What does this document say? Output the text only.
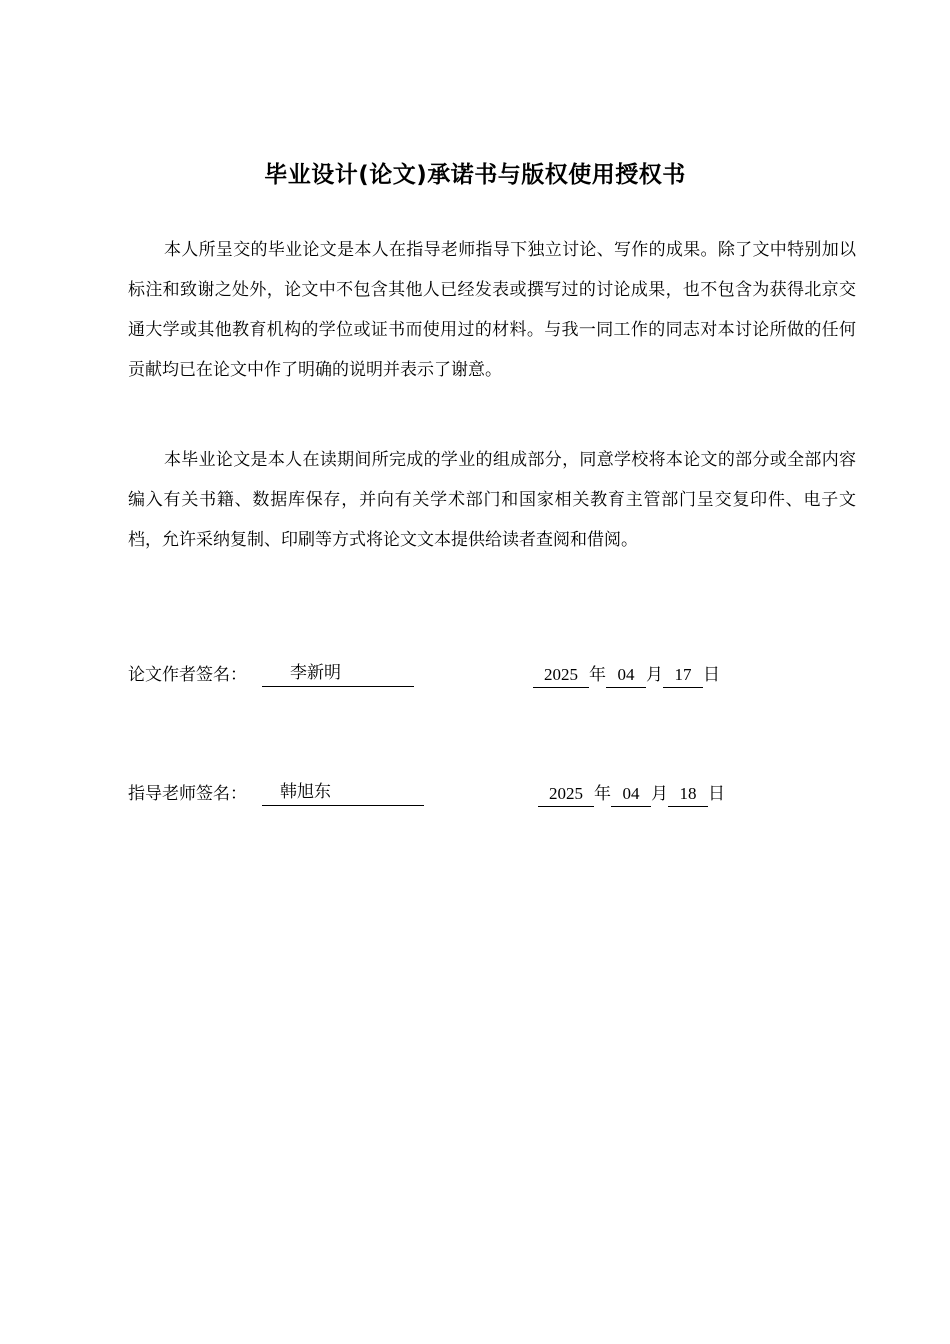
毕业设计(论文)承诺书与版权使用授权书

本人所呈交的毕业论文是本人在指导老师指导下独立讨论、写作的成果。除了文中特别加以标注和致谢之处外，论文中不包含其他人已经发表或撰写过的讨论成果，也不包含为获得北京交通大学或其他教育机构的学位或证书而使用过的材料。与我一同工作的同志对本讨论所做的任何贡献均已在论文中作了明确的说明并表示了谢意。

本毕业论文是本人在读期间所完成的学业的组成部分，同意学校将本论文的部分或全部内容编入有关书籍、数据库保存，并向有关学术部门和国家相关教育主管部门呈交复印件、电子文档，允许采纳复制、印刷等方式将论文文本提供给读者查阅和借阅。

论文作者签名：	李新明	2025 年 04 月 17 日
指导老师签名：	韩旭东	2025 年 04 月 18 日
